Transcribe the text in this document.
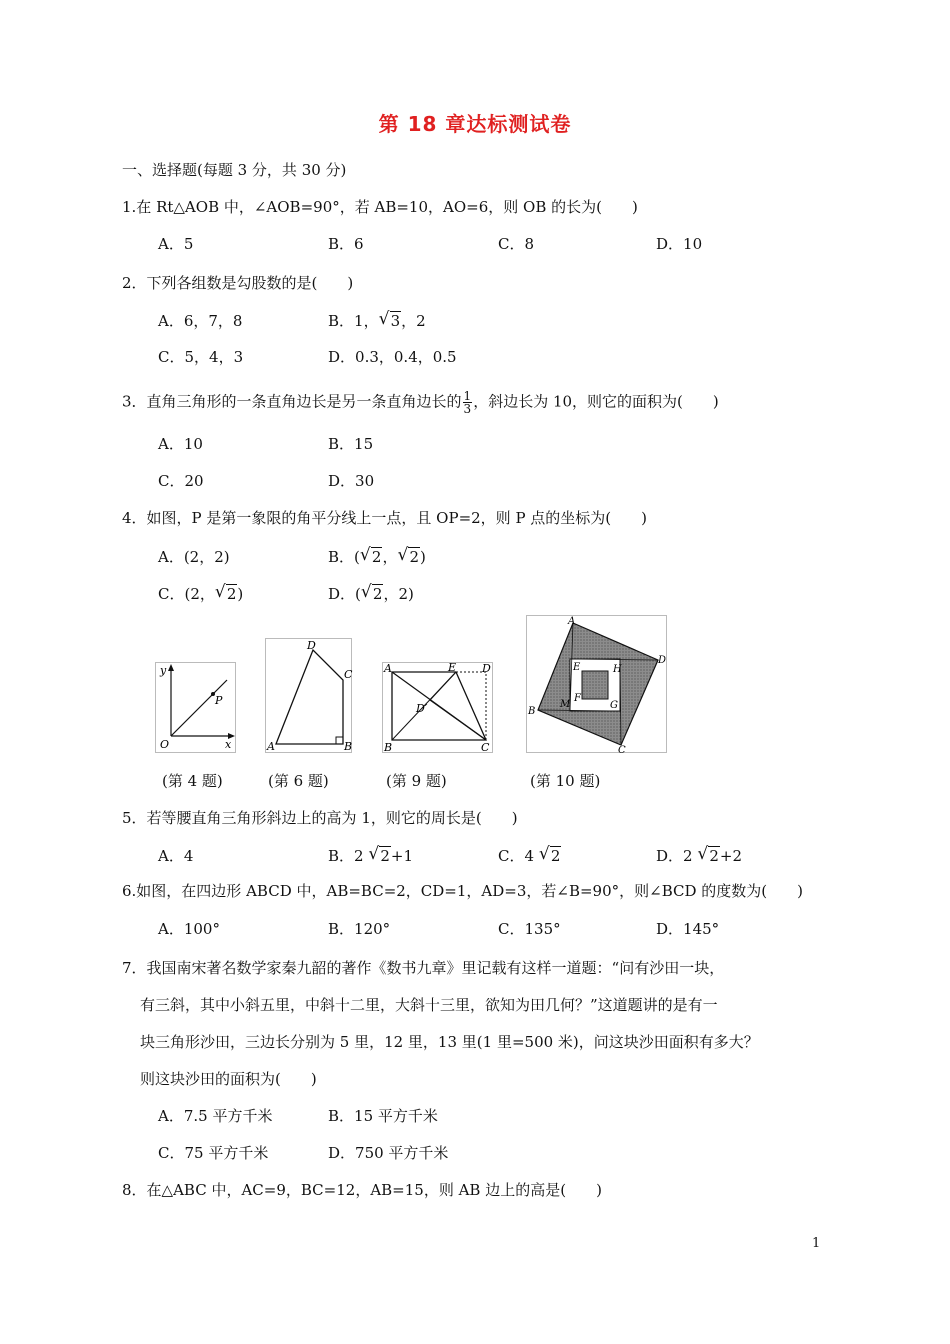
第 18 章达标测试卷
一、选择题(每题 3 分，共 30 分)
1.在 Rt△AOB 中，∠AOB=90°，若 AB=10，AO=6，则 OB 的长为(　　)
A．5	B．6	C．8	D．10
2．下列各组数是勾股数的是(　　)
A．6，7，8	B．1， √ 3，2
C．5，4，3	D．0.3，0.4，0.5
3．直角三角形的一条直角边长是另一条直角边长的 $\frac{1}{3}$ ，斜边长为 10，则它的面积为(　　)
A．10	B．15
C．20	D．30
4．如图，P 是第一象限的角平分线上一点，且 OP=2，则 P 点的坐标为(　　)
A．(2，2)	B．( √ 2， √ 2)
C．(2， √ 2)	D．( √ 2，2)
y
x
O
P
(第 4 题)
A	B
C
D
(第 6 题)
A
B	C
D
E
D′
(第 9 题)
A
B
C
D
E
F
G
H
M
(第 10 题)
5．若等腰直角三角形斜边上的高为 1，则它的周长是(　　)
A．4	B．2 √ 2+1	C．4 √ 2	D．2 √ 2+2
6.如图，在四边形 ABCD 中，AB=BC=2，CD=1，AD=3，若∠B=90°，则∠BCD 的度数为(　　)
A．100°	B．120°	C．135°	D．145°
7．我国南宋著名数学家秦九韶的著作《数书九章》里记载有这样一道题：“问有沙田一块，
有三斜，其中小斜五里，中斜十二里，大斜十三里，欲知为田几何？”这道题讲的是有一
块三角形沙田，三边长分别为 5 里，12 里，13 里(1 里=500 米)，问这块沙田面积有多大？
则这块沙田的面积为(　　)
A．7.5 平方千米	B．15 平方千米
C．75 平方千米	D．750 平方千米
8．在△ABC 中，AC=9，BC=12，AB=15，则 AB 边上的高是(　　)
1
